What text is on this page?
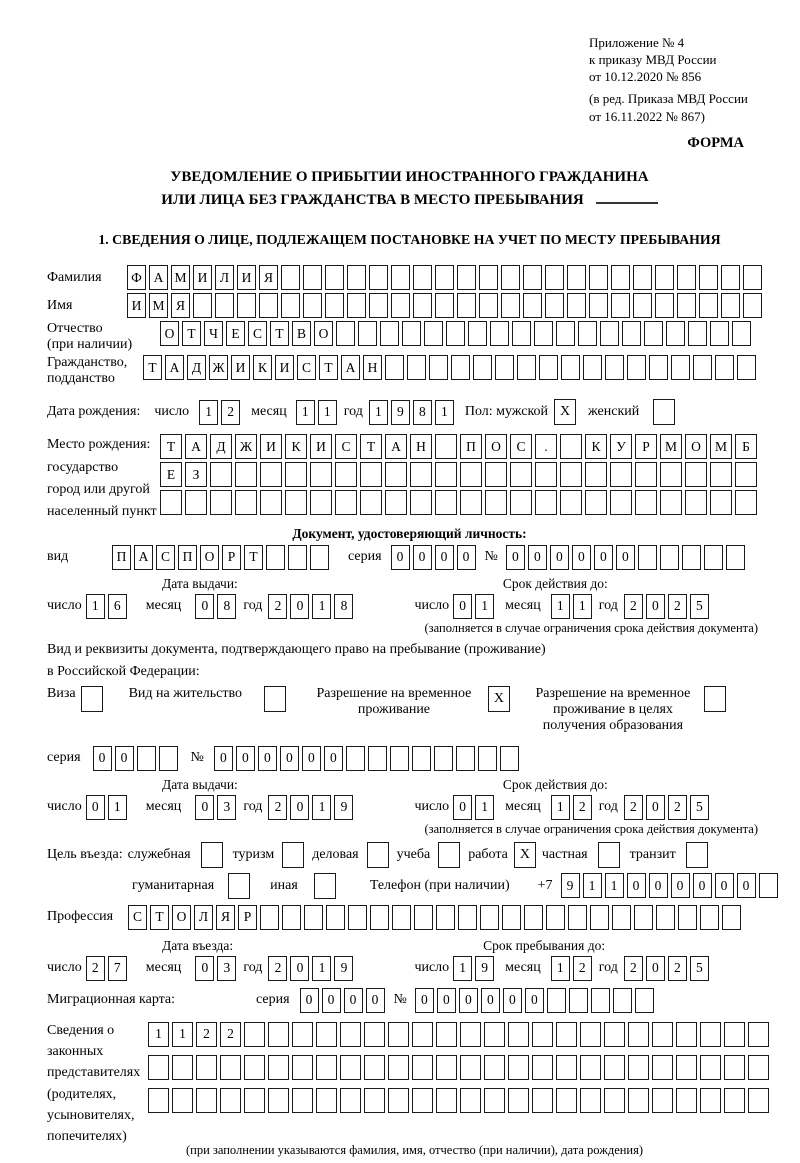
Приложение № 4
к приказу МВД России
от 10.12.2020 № 856
(в ред. Приказа МВД России
от 16.11.2022 № 867)
ФОРМА
УВЕДОМЛЕНИЕ О ПРИБЫТИИ ИНОСТРАННОГО ГРАЖДАНИНА
ИЛИ ЛИЦА БЕЗ ГРАЖДАНСТВА В МЕСТО ПРЕБЫВАНИЯ
1. СВЕДЕНИЯ О ЛИЦЕ, ПОДЛЕЖАЩЕМ ПОСТАНОВКЕ НА УЧЕТ ПО МЕСТУ ПРЕБЫВАНИЯ
Фамилия	Ф А М И Л И Я
Имя	И М Я
Отчество
(при наличии)
О Т Ч Е С Т В О
Гражданство,
подданство
Т А Д Ж И К И С Т А Н
Дата рождения: число	1	2	месяц	1	1 год 1	9	8	1	Пол: мужской X	женский
Место рождения:
государство
город или другой
населенный пункт
Т	А	Д	Ж	И	К	И	С	Т	А	Н	П	О	С	.	К	У	Р	М	О	М	Б
Е	З
Документ, удостоверяющий личность:
вид	П А С П О Р	Т	серия	0	0	0	0	№	0	0	0	0	0	0
Дата выдачи:	Срок действия до:
число 1	6	месяц	0	8 год 2	0	1	8	число 0	1	месяц	1	1 год 2	0	2	5
(заполняется в случае ограничения срока действия документа)
Вид и реквизиты документа, подтверждающего право на пребывание (проживание)
в Российской Федерации:
Виза	Вид на жительство	Разрешение на временное проживание
X	Разрешение на временное проживание в целях получения образования
серия	0	0	№	0	0	0	0	0	0
Дата выдачи:	Срок действия до:
число 0	1	месяц	0	3 год 2	0	1	9	число 0	1	месяц	1	2 год 2	0	2	5
(заполняется в случае ограничения срока действия документа)
Цель въезда: служебная	туризм	деловая	учеба	работа X частная	транзит
гуманитарная	иная	Телефон (при наличии) +7	9	1	1	0	0	0	0	0	0
Профессия	С Т О Л Я	Р
Дата въезда:	Срок пребывания до:
число 2	7	месяц	0	3 год 2	0	1	9	число 1	9	месяц	1	2 год 2	0	2	5
Миграционная карта:	серия	0	0	0	0	№	0	0	0	0	0	0
Сведения о
законных
представителях
(родителях,
усыновителях,
попечителях)
1	1	2	2
(при заполнении указываются фамилия, имя, отчество (при наличии), дата рождения)
